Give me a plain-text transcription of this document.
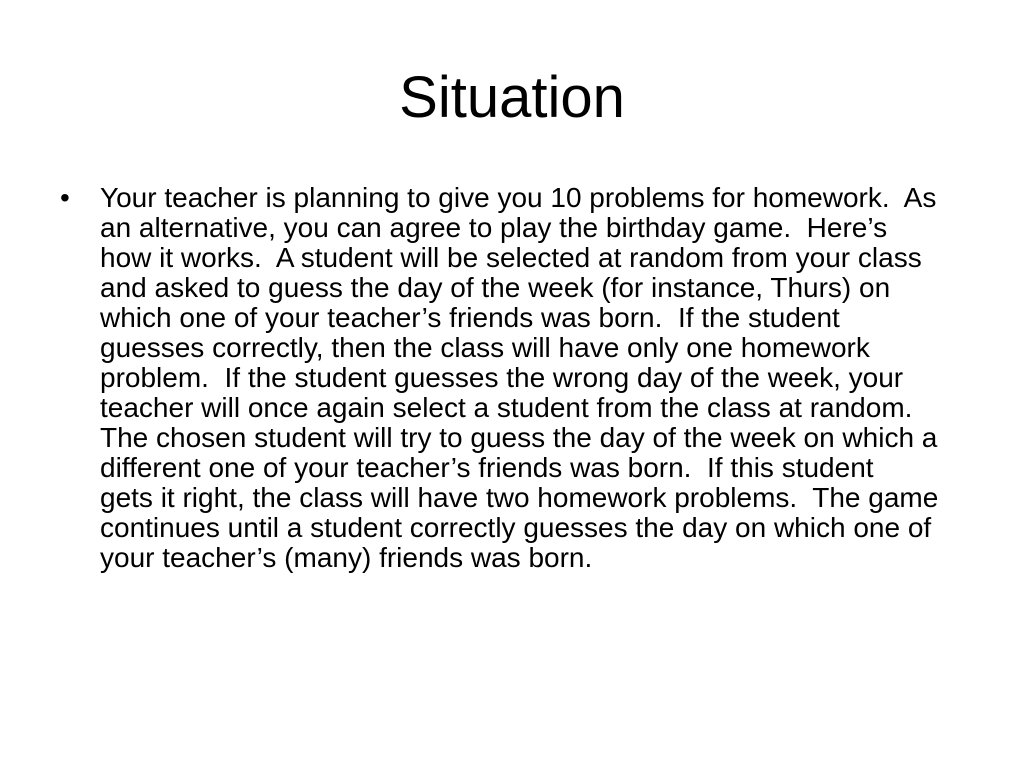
Situation
• Your teacher is planning to give you 10 problems for homework.  As
an alternative, you can agree to play the birthday game.  Here’s
how it works.  A student will be selected at random from your class
and asked to guess the day of the week (for instance, Thurs) on
which one of your teacher’s friends was born.  If the student
guesses correctly, then the class will have only one homework
problem.  If the student guesses the wrong day of the week, your
teacher will once again select a student from the class at random.
The chosen student will try to guess the day of the week on which a
different one of your teacher’s friends was born.  If this student
gets it right, the class will have two homework problems.  The game
continues until a student correctly guesses the day on which one of
your teacher’s (many) friends was born.
